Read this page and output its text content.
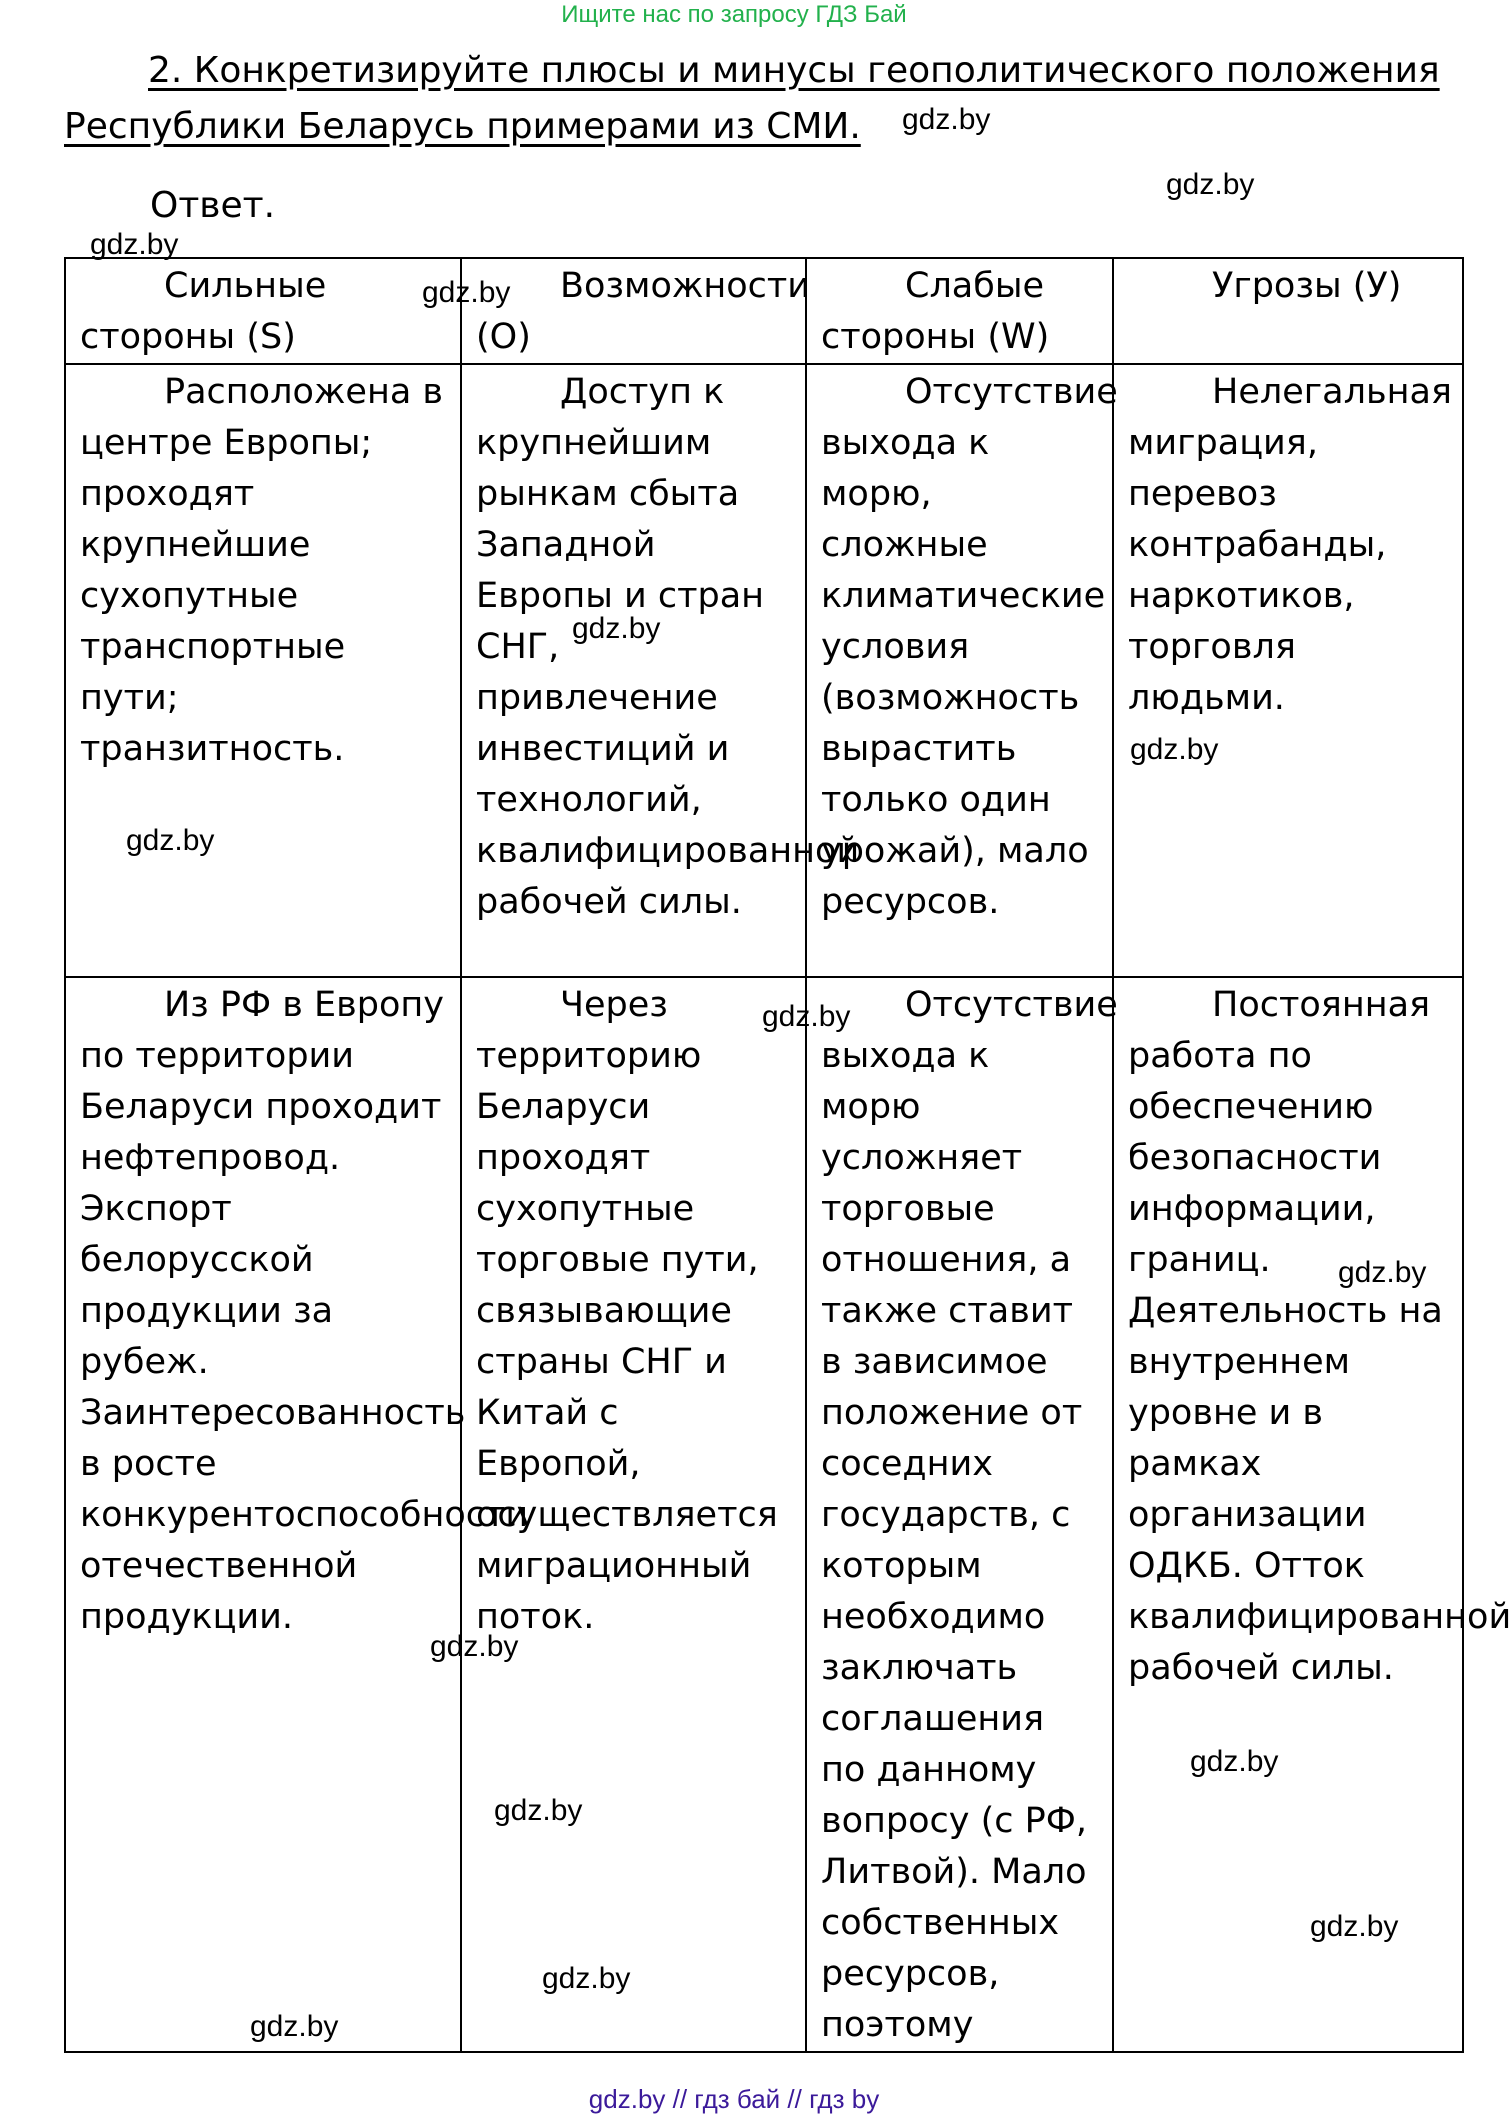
Ищите нас по запросу ГДЗ Бай
2. Конкретизируйте плюсы и минусы геополитического положения
Республики Беларусь примерами из СМИ.
Ответ.
Сильные стороны (S)	Возможности (O)	Слабые стороны (W)	Угрозы (У)
Расположена в центре Европы; проходят крупнейшие сухопутные транспортные пути; транзитность.	Доступ к крупнейшим рынкам сбыта Западной Европы и стран СНГ, привлечение инвестиций и технологий, квалифицированной рабочей силы.	Отсутствие выхода к морю, сложные климатические условия (возможность вырастить только один урожай), мало ресурсов.	Нелегальная миграция, перевоз контрабанды, наркотиков, торговля людьми.
Из РФ в Европу по территории Беларуси проходит нефтепровод. Экспорт белорусской продукции за рубеж. Заинтересованность в росте конкурентоспособности отечественной продукции.	Через территорию Беларуси проходят сухопутные торговые пути, связывающие страны СНГ и Китай с Европой, осуществляется миграционный поток.	Отсутствие выхода к морю усложняет торговые отношения, а также ставит в зависимое положение от соседних государств, с которым необходимо заключать соглашения по данному вопросу (с РФ, Литвой). Мало собственных ресурсов, поэтому	Постоянная работа по обеспечению безопасности информации, границ. Деятельность на внутреннем уровне и в рамках организации ОДКБ. Отток квалифицированной рабочей силы.
gdz.by
gdz.by
gdz.by
gdz.by
gdz.by
gdz.by
gdz.by
gdz.by
gdz.by
gdz.by
gdz.by
gdz.by
gdz.by
gdz.by
gdz.by
gdz.by // гдз бай // гдз by
